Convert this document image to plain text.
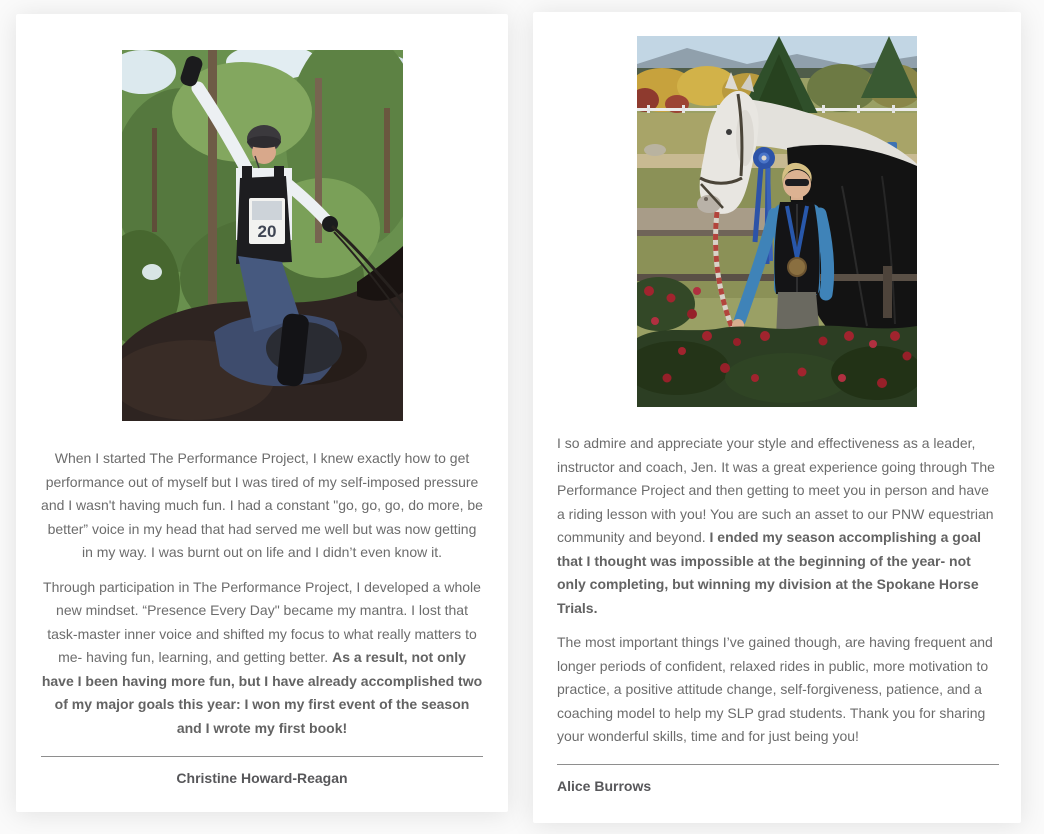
20

When I started The Performance Project, I knew exactly how to get performance out of myself but I was tired of my self-imposed pressure and I wasn't having much fun. I had a constant "go, go, go, do more, be better” voice in my head that had served me well but was now getting in my way. I was burnt out on life and I didn’t even know it.

Through participation in The Performance Project, I developed a whole new mindset. “Presence Every Day" became my mantra. I lost that task-master inner voice and shifted my focus to what really matters to me- having fun, learning, and getting better. As a result, not only have I been having more fun, but I have already accomplished two of my major goals this year: I won my first event of the season and I wrote my first book!

Christine Howard-Reagan

I so admire and appreciate your style and effectiveness as a leader, instructor and coach, Jen. It was a great experience going through The Performance Project and then getting to meet you in person and have a riding lesson with you! You are such an asset to our PNW equestrian community and beyond. I ended my season accomplishing a goal that I thought was impossible at the beginning of the year- not only completing, but winning my division at the Spokane Horse Trials.

The most important things I’ve gained though, are having frequent and longer periods of confident, relaxed rides in public, more motivation to practice, a positive attitude change, self-forgiveness, patience, and a coaching model to help my SLP grad students. Thank you for sharing your wonderful skills, time and for just being you!

Alice Burrows
